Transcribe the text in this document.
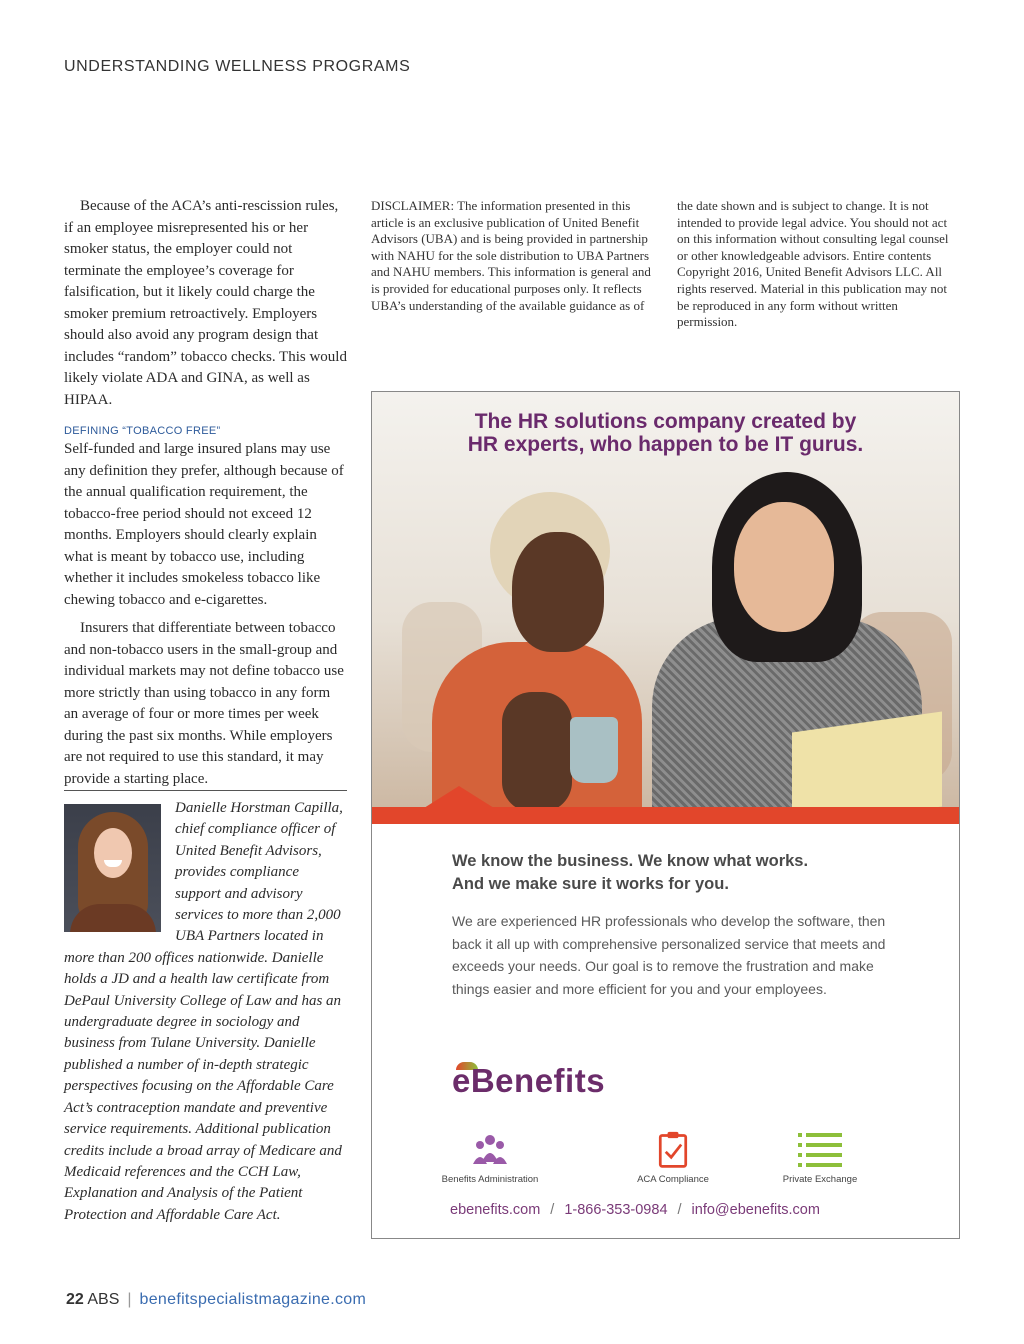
UNDERSTANDING WELLNESS PROGRAMS

Because of the ACA’s anti-rescission rules, if an employee misrepresented his or her smoker status, the employer could not terminate the employee’s coverage for falsification, but it likely could charge the smoker premium retroactively. Employers should also avoid any program design that includes “random” tobacco checks. This would likely violate ADA and GINA, as well as HIPAA.

DEFINING “TOBACCO FREE”

Self-funded and large insured plans may use any definition they prefer, although because of the annual qualification requirement, the tobacco-free period should not exceed 12 months. Employers should clearly explain what is meant by tobacco use, including whether it includes smokeless tobacco like chewing tobacco and e-cigarettes.

Insurers that differentiate between tobacco and non-tobacco users in the small-group and individual markets may not define tobacco use more strictly than using tobacco in any form an average of four or more times per week during the past six months. While employers are not required to use this standard, it may provide a starting place.

Danielle Horstman Capilla, chief compliance officer of United Benefit Advisors, provides compliance support and advisory services to more than 2,000 UBA Partners located in more than 200 offices nationwide. Danielle holds a JD and a health law certificate from DePaul University College of Law and has an undergraduate degree in sociology and business from Tulane University. Danielle published a number of in-depth strategic perspectives focusing on the Affordable Care Act’s contraception mandate and preventive service requirements. Additional publication credits include a broad array of Medicare and Medicaid references and the CCH Law, Explanation and Analysis of the Patient Protection and Affordable Care Act.

DISCLAIMER: The information presented in this article is an exclusive publication of United Benefit Advisors (UBA) and is being provided in partnership with NAHU for the sole distribution to UBA Partners and NAHU members. This information is general and is provided for educational purposes only. It reflects UBA’s understanding of the available guidance as of

the date shown and is subject to change. It is not intended to provide legal advice. You should not act on this information without consulting legal counsel or other knowledgeable advisors. Entire contents Copyright 2016, United Benefit Advisors LLC. All rights reserved. Material in this publication may not be reproduced in any form without written permission.

The HR solutions company created by
HR experts, who happen to be IT gurus.

We know the business. We know what works.
And we make sure it works for you.

We are experienced HR professionals who develop the software, then back it all up with comprehensive personalized service that meets and exceeds your needs. Our goal is to remove the frustration and make things easier and more efficient for you and your employees.

eBenefits
Benefits Administration	ACA Compliance	Private Exchange
ebenefits.com / 1-866-353-0984 / info@ebenefits.com
22 ABS | benefitspecialistmagazine.com
